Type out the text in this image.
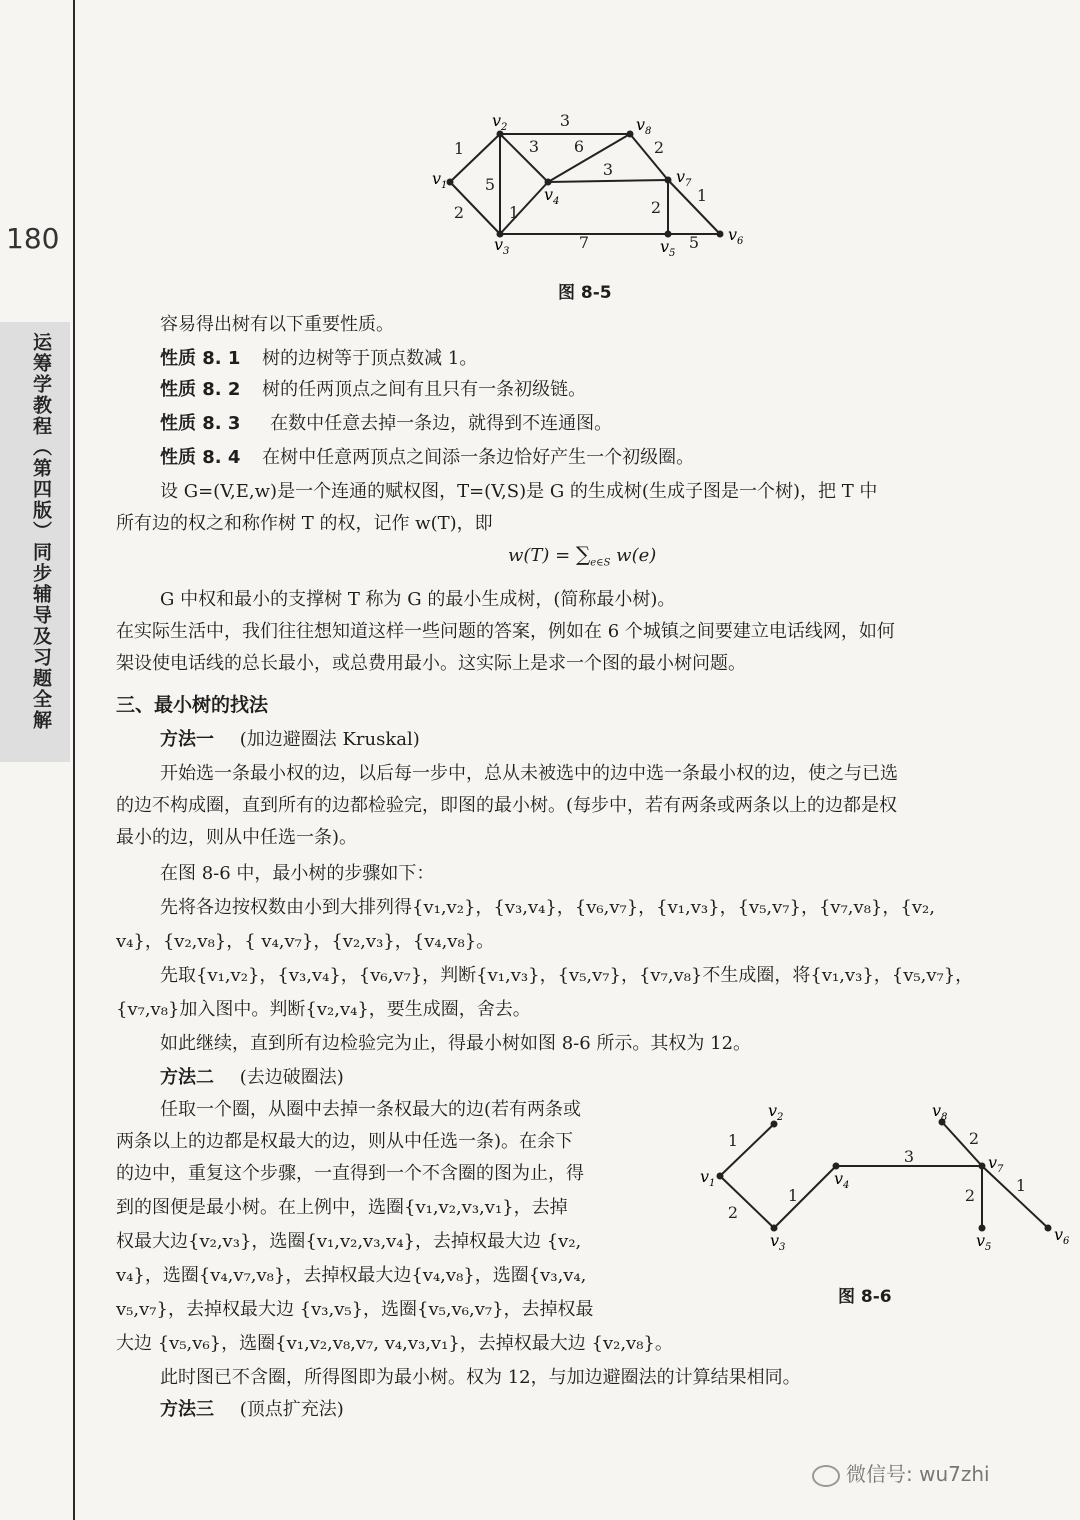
180
运筹学教程（第四版）同步辅导及习题全解
1
2
5
3
1
3
6
3
2
2
1
7	5
$v_1$
$v_2$
$v_3$
$v_4$
$v_5$
$v_6$
$v_7$
$v_8$
图 8-5
容易得出树有以下重要性质。
性质 8. 1 树的边树等于顶点数减 1。
性质 8. 2 树的任两顶点之间有且只有一条初级链。
性质 8. 3 在数中任意去掉一条边，就得到不连通图。
性质 8. 4 在树中任意两顶点之间添一条边恰好产生一个初级圈。
设 G=(V,E,w)是一个连通的赋权图，T=(V,S)是 G 的生成树(生成子图是一个树)，把 T 中
所有边的权之和称作树 T 的权，记作 w(T)，即
$w(T) = \sum_{e\in S}$ w(e)
G 中权和最小的支撑树 T 称为 G 的最小生成树，(简称最小树)。
在实际生活中，我们往往想知道这样一些问题的答案，例如在 6 个城镇之间要建立电话线网，如何
架设使电话线的总长最小，或总费用最小。这实际上是求一个图的最小树问题。
三、最小树的找法
方法一 (加边避圈法 Kruskal)
开始选一条最小权的边，以后每一步中，总从未被选中的边中选一条最小权的边，使之与已选
的边不构成圈，直到所有的边都检验完，即图的最小树。(每步中，若有两条或两条以上的边都是权
最小的边，则从中任选一条)。
在图 8-6 中，最小树的步骤如下：
先将各边按权数由小到大排列得{v₁,v₂}，{v₃,v₄}，{v₆,v₇}，{v₁,v₃}，{v₅,v₇}，{v₇,v₈}，{v₂,
v₄}，{v₂,v₈}，{ v₄,v₇}，{v₂,v₃}，{v₄,v₈}。
先取{v₁,v₂}，{v₃,v₄}，{v₆,v₇}，判断{v₁,v₃}，{v₅,v₇}，{v₇,v₈}不生成圈，将{v₁,v₃}，{v₅,v₇}，
{v₇,v₈}加入图中。判断{v₂,v₄}，要生成圈，舍去。
如此继续，直到所有边检验完为止，得最小树如图 8-6 所示。其权为 12。
方法二 (去边破圈法)
任取一个圈，从圈中去掉一条权最大的边(若有两条或
两条以上的边都是权最大的边，则从中任选一条)。在余下
的边中，重复这个步骤，一直得到一个不含圈的图为止，得
到的图便是最小树。在上例中，选圈{v₁,v₂,v₃,v₁}，去掉
权最大边{v₂,v₃}，选圈{v₁,v₂,v₃,v₄}，去掉权最大边 {v₂,
v₄}，选圈{v₄,v₇,v₈}，去掉权最大边{v₄,v₈}，选圈{v₃,v₄,
v₅,v₇}，去掉权最大边 {v₃,v₅}，选圈{v₅,v₆,v₇}，去掉权最
大边 {v₅,v₆}，选圈{v₁,v₂,v₈,v₇, v₄,v₃,v₁}，去掉权最大边 {v₂,v₈}。
此时图已不含圈，所得图即为最小树。权为 12，与加边避圈法的计算结果相同。
方法三 (顶点扩充法)
1
2
1
3
2
2
1
$v_1$
$v_2$
$v_3$
$v_4$
$v_5$
$v_6$
$v_7$
$v_8$
图 8-6
微信号: wu7zhi
